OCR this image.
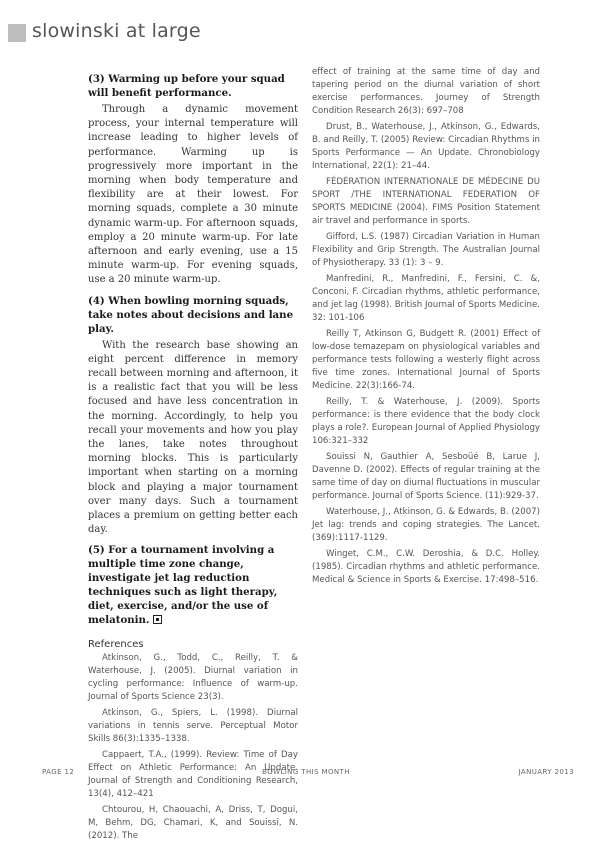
slowinski at large

(3) Warming up before your squad will benefit performance.

Through a dynamic movement process, your internal temperature will increase leading to higher levels of performance. Warming up is progressively more important in the morning when body temperature and flexibility are at their lowest. For morning squads, complete a 30 minute dynamic warm-up. For afternoon squads, employ a 20 minute warm-up. For late afternoon and early evening, use a 15 minute warm-up. For evening squads, use a 20 minute warm-up.

(4) When bowling morning squads, take notes about decisions and lane play.

With the research base showing an eight percent difference in memory recall between morning and afternoon, it is a realistic fact that you will be less focused and have less concentration in the morning. Accordingly, to help you recall your movements and how you play the lanes, take notes throughout morning blocks. This is particularly important when starting on a morning block and playing a major tournament over many days. Such a tournament places a premium on getting better each day.

(5) For a tournament involving a multiple time zone change, investigate jet lag reduction techniques such as light therapy, diet, exercise, and/or the use of melatonin.

References

Atkinson, G., Todd, C., Reilly, T. & Waterhouse, J. (2005). Diurnal variation in cycling performance: Influence of warm-up. Journal of Sports Science 23(3).

Atkinson, G., Spiers, L. (1998). Diurnal variations in tennis serve. Perceptual Motor Skills 86(3):1335–1338.

Cappaert, T.A., (1999). Review: Time of Day Effect on Athletic Performance: An Update. Journal of Strength and Conditioning Research, 13(4), 412–421

Chtourou, H, Chaouachi, A, Driss, T, Dogui, M, Behm, DG, Chamari, K, and Souissi, N. (2012). The

effect of training at the same time of day and tapering period on the diurnal variation of short exercise performances. Journey of Strength Condition Research 26(3): 697–708

Drust, B., Waterhouse, J., Atkinson, G., Edwards, B. and Reilly, T. (2005) Review: Circadian Rhythms in Sports Performance — An Update. Chronobiology International, 22(1): 21–44.

FÉDÉRATION INTERNATIONALE DE MÉDECINE DU SPORT /THE INTERNATIONAL FEDERATION OF SPORTS MEDICINE (2004). FIMS Position Statement air travel and performance in sports.

Gifford, L.S. (1987) Circadian Variation in Human Flexibility and Grip Strength. The Australian Journal of Physiotherapy. 33 (1): 3 – 9.

Manfredini, R., Manfredini, F., Fersini, C. &, Conconi, F. Circadian rhythms, athletic performance, and jet lag (1998). British Journal of Sports Medicine. 32: 101-106

Reilly T, Atkinson G, Budgett R. (2001) Effect of low-dose temazepam on physiological variables and performance tests following a westerly flight across five time zones. International Journal of Sports Medicine. 22(3):166-74.

Reilly, T. & Waterhouse, J. (2009). Sports performance: is there evidence that the body clock plays a role?. European Journal of Applied Physiology 106:321–332

Souissi N, Gauthier A, Sesboüé B, Larue J, Davenne D. (2002). Effects of regular training at the same time of day on diurnal fluctuations in muscular performance. Journal of Sports Science. (11):929-37.

Waterhouse, J., Atkinson, G. & Edwards, B. (2007) Jet lag: trends and coping strategies. The Lancet. (369):1117-1129.

Winget, C.M., C.W. Deroshia, & D.C. Holley. (1985). Circadian rhythms and athletic performance. Medical & Science in Sports & Exercise. 17:498–516.

PAGE 12	BOWLING THIS MONTH	JANUARY 2013
